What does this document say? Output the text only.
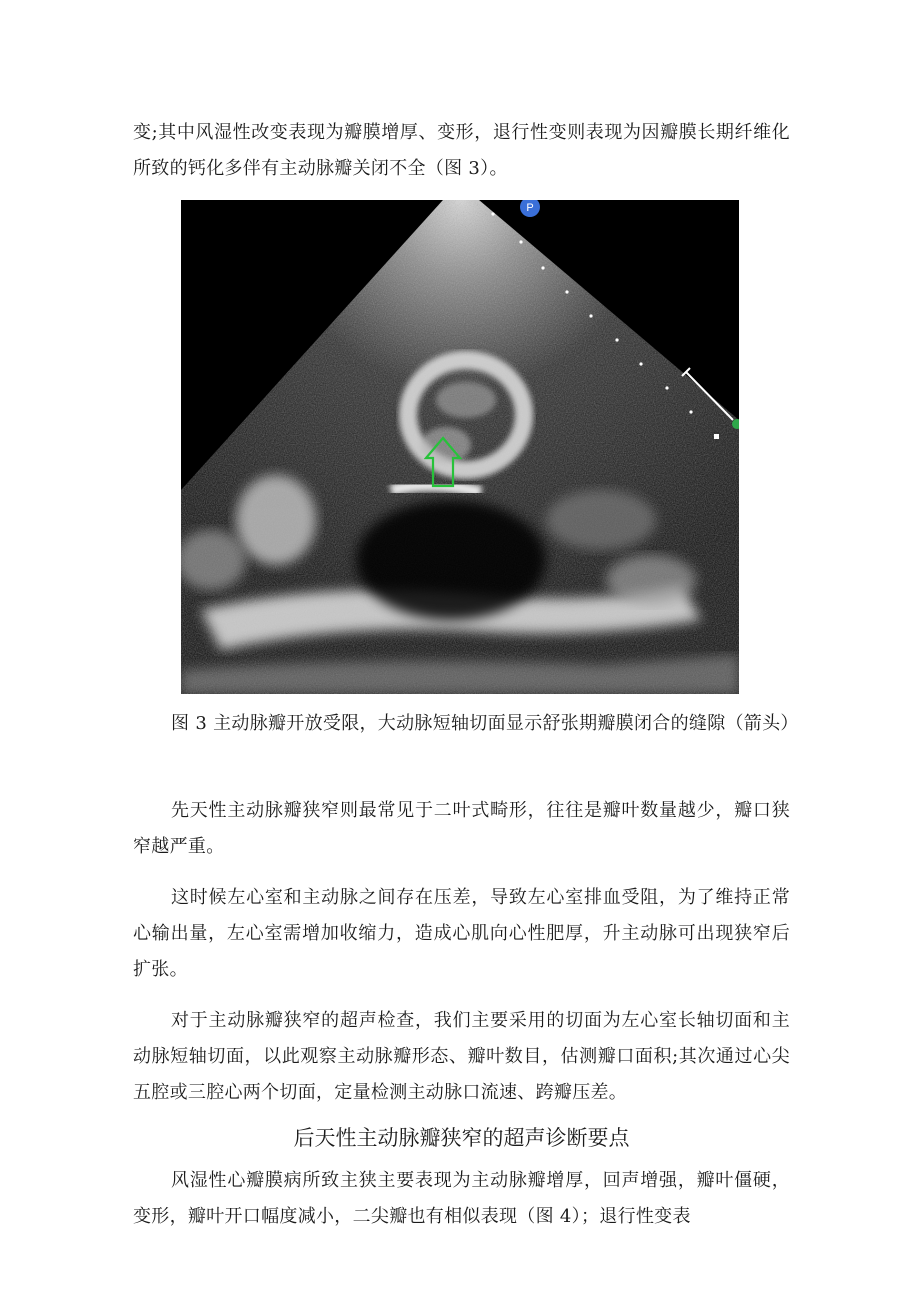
变;其中风湿性改变表现为瓣膜增厚、变形，退行性变则表现为因瓣膜长期纤维化所致的钙化多伴有主动脉瓣关闭不全（图 3）。

P

图 3 主动脉瓣开放受限，大动脉短轴切面显示舒张期瓣膜闭合的缝隙（箭头）

先天性主动脉瓣狭窄则最常见于二叶式畸形，往往是瓣叶数量越少，瓣口狭窄越严重。

这时候左心室和主动脉之间存在压差，导致左心室排血受阻，为了维持正常心输出量，左心室需增加收缩力，造成心肌向心性肥厚，升主动脉可出现狭窄后扩张。

对于主动脉瓣狭窄的超声检查，我们主要采用的切面为左心室长轴切面和主动脉短轴切面，以此观察主动脉瓣形态、瓣叶数目，估测瓣口面积;其次通过心尖五腔或三腔心两个切面，定量检测主动脉口流速、跨瓣压差。

后天性主动脉瓣狭窄的超声诊断要点

风湿性心瓣膜病所致主狭主要表现为主动脉瓣增厚，回声增强，瓣叶僵硬，变形，瓣叶开口幅度减小，二尖瓣也有相似表现（图 4）；退行性变表
